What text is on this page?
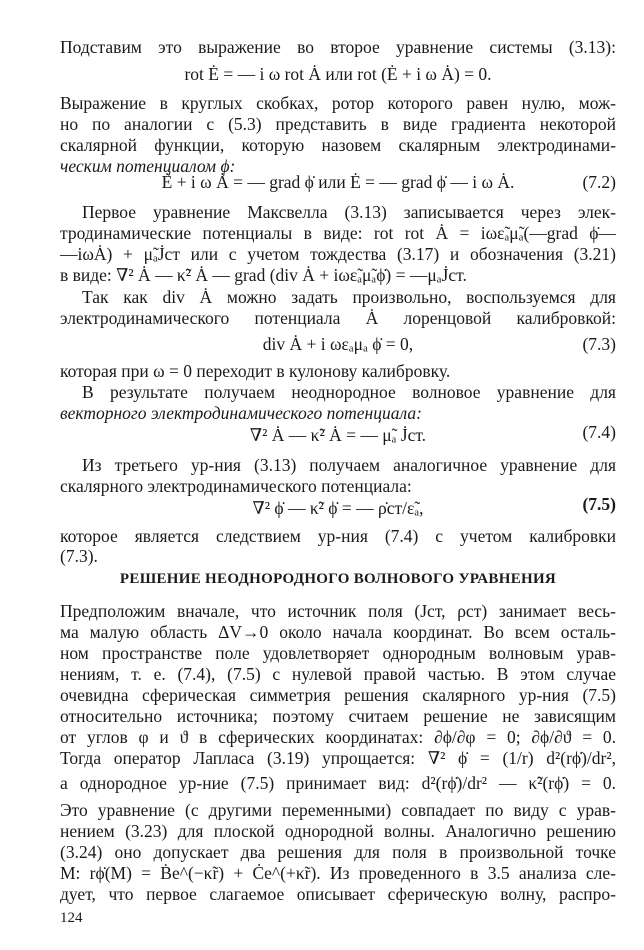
Подставим это выражение во второе уравнение системы (3.13):
rot Ė = — i ω rot Ȧ или rot (Ė + i ω Ȧ) = 0.
Выражение в круглых скобках, ротор которого равен нулю, мож-
но по аналогии с (5.3) представить в виде градиента некоторой
скалярной функции, которую назовем скалярным электродинами-
ческим потенциалом ϕ:
Ė + i ω Ȧ = — grad ϕ̇ или Ė = — grad ϕ̇ — i ω Ȧ.	(7.2)
Первое уравнение Максвелла (3.13) записывается через элек-
тродинамические потенциалы в виде: rot rot Ȧ = iωε̃ₐμ̃ₐ(—grad ϕ̇—
—iωȦ) + μ̃ₐJ̇ст или с учетом тождества (3.17) и обозначения (3.21)
в виде: ∇² Ȧ — κ̃² Ȧ — grad (div Ȧ + iωε̃ₐμ̃ₐϕ̇) = —μₐJ̇ст.
Так как div Ȧ можно задать произвольно, воспользуемся для
электродинамического потенциала Ȧ лоренцовой калибровкой:
div Ȧ + i ωεₐμₐ ϕ̇ = 0,	(7.3)
которая при ω = 0 переходит в кулонову калибровку.
В результате получаем неоднородное волновое уравнение для
векторного электродинамического потенциала:
∇² Ȧ — κ̃² Ȧ = — μ̃ₐ J̇ст.	(7.4)
Из третьего ур-ния (3.13) получаем аналогичное уравнение для
скалярного электродинамического потенциала:
∇² ϕ̇ — κ̃² ϕ̇ = — ρ̇ст/ε̃ₐ,	(7.5)
которое является следствием ур-ния (7.4) с учетом калибровки
(7.3).
РЕШЕНИЕ НЕОДНОРОДНОГО ВОЛНОВОГО УРАВНЕНИЯ
Предположим вначале, что источник поля (Jст, ρст) занимает весь-
ма малую область ΔV→0 около начала координат. Во всем осталь-
ном пространстве поле удовлетворяет однородным волновым урав-
нениям, т. е. (7.4), (7.5) с нулевой правой частью. В этом случае
очевидна сферическая симметрия решения скалярного ур-ния (7.5)
относительно источника; поэтому считаем решение не зависящим
от углов φ и ϑ в сферических координатах: ∂ϕ/∂φ = 0; ∂ϕ/∂ϑ = 0.
Тогда оператор Лапласа (3.19) упрощается: ∇² ϕ̇ = (1/r) d²(rϕ̇)/dr²,
а однородное ур-ние (7.5) принимает вид: d²(rϕ̇)/dr² — κ̃²(rϕ̇) = 0.
Это уравнение (с другими переменными) совпадает по виду с урав-
нением (3.23) для плоской однородной волны. Аналогично решению
(3.24) оно допускает два решения для поля в произвольной точке
M: rϕ̇(M) = Ḃe^(−κ̃r) + Ċe^(+κ̃r). Из проведенного в 3.5 анализа сле-
дует, что первое слагаемое описывает сферическую волну, распро-
124
